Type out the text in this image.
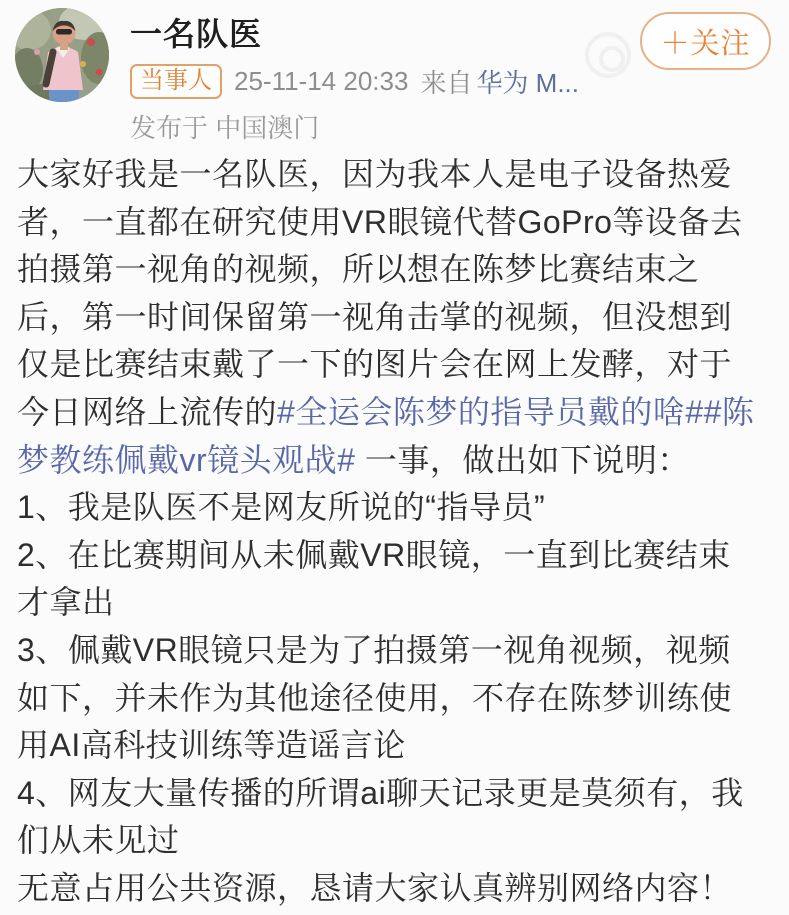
一名队医
当事人 25-11-14 20:33 来自 华为 M...
发布于 中国澳门
＋关注
大家好我是一名队医，因为我本人是电子设备热爱
者，一直都在研究使用VR眼镜代替GoPro等设备去
拍摄第一视角的视频，所以想在陈梦比赛结束之
后，第一时间保留第一视角击掌的视频，但没想到
仅是比赛结束戴了一下的图片会在网上发酵，对于
今日网络上流传的#全运会陈梦的指导员戴的啥##陈
梦教练佩戴vr镜头观战# 一事，做出如下说明：
1、我是队医不是网友所说的“指导员”
2、在比赛期间从未佩戴VR眼镜，一直到比赛结束
才拿出
3、佩戴VR眼镜只是为了拍摄第一视角视频，视频
如下，并未作为其他途径使用，不存在陈梦训练使
用AI高科技训练等造谣言论
4、网友大量传播的所谓ai聊天记录更是莫须有，我
们从未见过
无意占用公共资源，恳请大家认真辨别网络内容！
